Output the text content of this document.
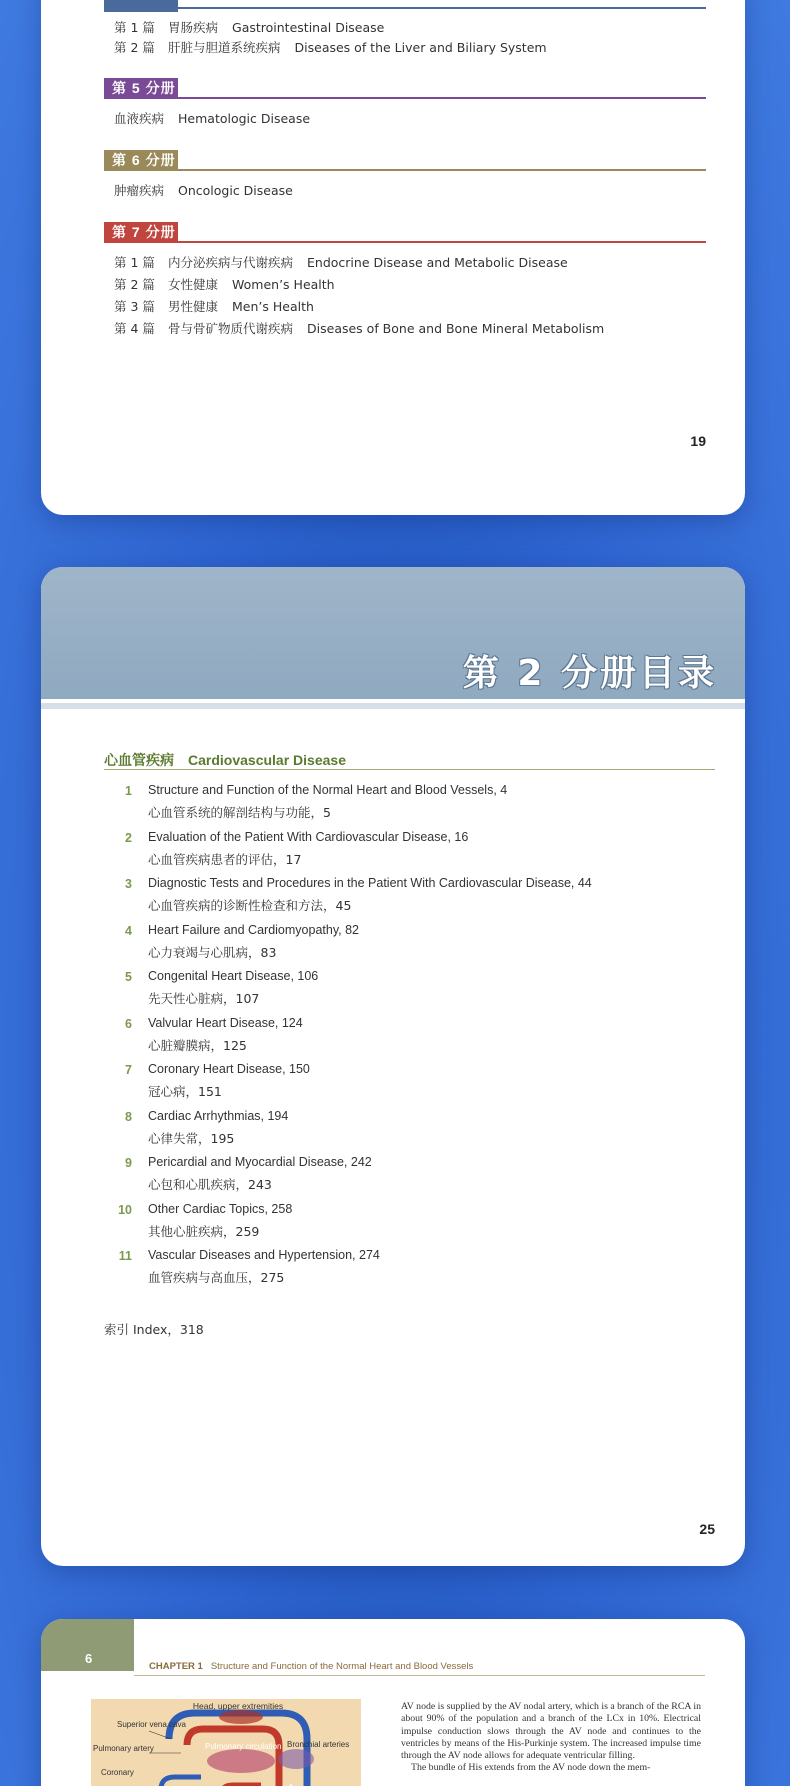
第 1 篇 胃肠疾病 Gastrointestinal Disease
第 2 篇 肝脏与胆道系统疾病 Diseases of the Liver and Biliary System
第 5 分册
血液疾病 Hematologic Disease
第 6 分册
肿瘤疾病 Oncologic Disease
第 7 分册
第 1 篇 内分泌疾病与代谢疾病 Endocrine Disease and Metabolic Disease
第 2 篇 女性健康 Women’s Health
第 3 篇 男性健康 Men’s Health
第 4 篇 骨与骨矿物质代谢疾病 Diseases of Bone and Bone Mineral Metabolism
19
第 2 分册目录
心血管疾病 Cardiovascular Disease
1 Structure and Function of the Normal Heart and Blood Vessels, 4
心血管系统的解剖结构与功能，5
2 Evaluation of the Patient With Cardiovascular Disease, 16
心血管疾病患者的评估，17
3 Diagnostic Tests and Procedures in the Patient With Cardiovascular Disease, 44
心血管疾病的诊断性检查和方法，45
4 Heart Failure and Cardiomyopathy, 82
心力衰竭与心肌病，83
5 Congenital Heart Disease, 106
先天性心脏病，107
6 Valvular Heart Disease, 124
心脏瓣膜病，125
7 Coronary Heart Disease, 150
冠心病，151
8 Cardiac Arrhythmias, 194
心律失常，195
9 Pericardial and Myocardial Disease, 242
心包和心肌疾病，243
10 Other Cardiac Topics, 258
其他心脏疾病，259
11 Vascular Diseases and Hypertension, 274
血管疾病与高血压，275
索引 Index，318
25
6
CHAPTER 1 Structure and Function of the Normal Heart and Blood Vessels
Head, upper extremities
Superior vena cava
Pulmonary artery
Coronary
Pulmonary circulation Bronchial arteries
AV node is supplied by the AV nodal artery, which is a branch of the RCA in about 90% of the population and a branch of the LCx in 10%. Electrical impulse conduction slows through the AV node and continues to the ventricles by means of the His-Purkinje system. The increased impulse time through the AV node allows for adequate ventricular filling.
The bundle of His extends from the AV node down the mem-
